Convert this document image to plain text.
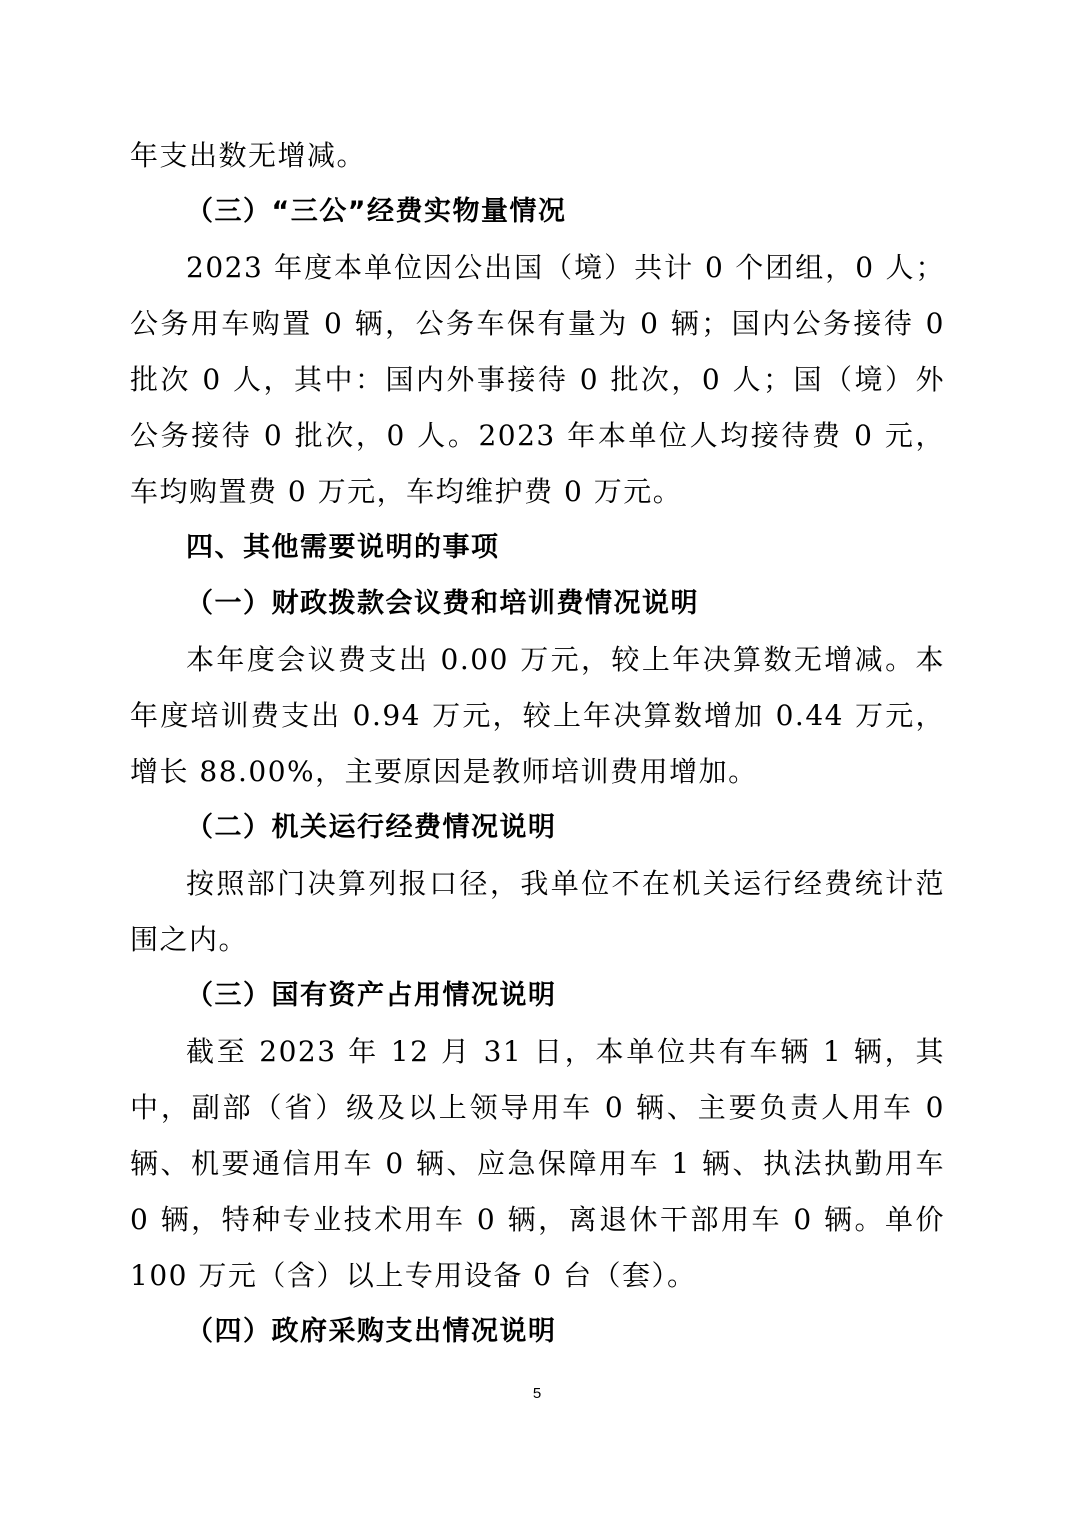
年支出数无增减。

（三）“三公”经费实物量情况

2023 年度本单位因公出国（境）共计 0 个团组，0 人；公务用车购置 0 辆，公务车保有量为 0 辆；国内公务接待 0 批次 0 人，其中：国内外事接待 0 批次，0 人；国（境）外公务接待 0 批次，0 人。2023 年本单位人均接待费 0 元，车均购置费 0 万元，车均维护费 0 万元。

四、其他需要说明的事项

（一）财政拨款会议费和培训费情况说明

本年度会议费支出 0.00 万元，较上年决算数无增减。本年度培训费支出 0.94 万元，较上年决算数增加 0.44 万元，增长 88.00%，主要原因是教师培训费用增加。

（二）机关运行经费情况说明

按照部门决算列报口径，我单位不在机关运行经费统计范围之内。

（三）国有资产占用情况说明

截至 2023 年 12 月 31 日，本单位共有车辆 1 辆，其中，副部（省）级及以上领导用车 0 辆、主要负责人用车 0 辆、机要通信用车 0 辆、应急保障用车 1 辆、执法执勤用车 0 辆，特种专业技术用车 0 辆，离退休干部用车 0 辆。单价 100 万元（含）以上专用设备 0 台（套）。

（四）政府采购支出情况说明

5
